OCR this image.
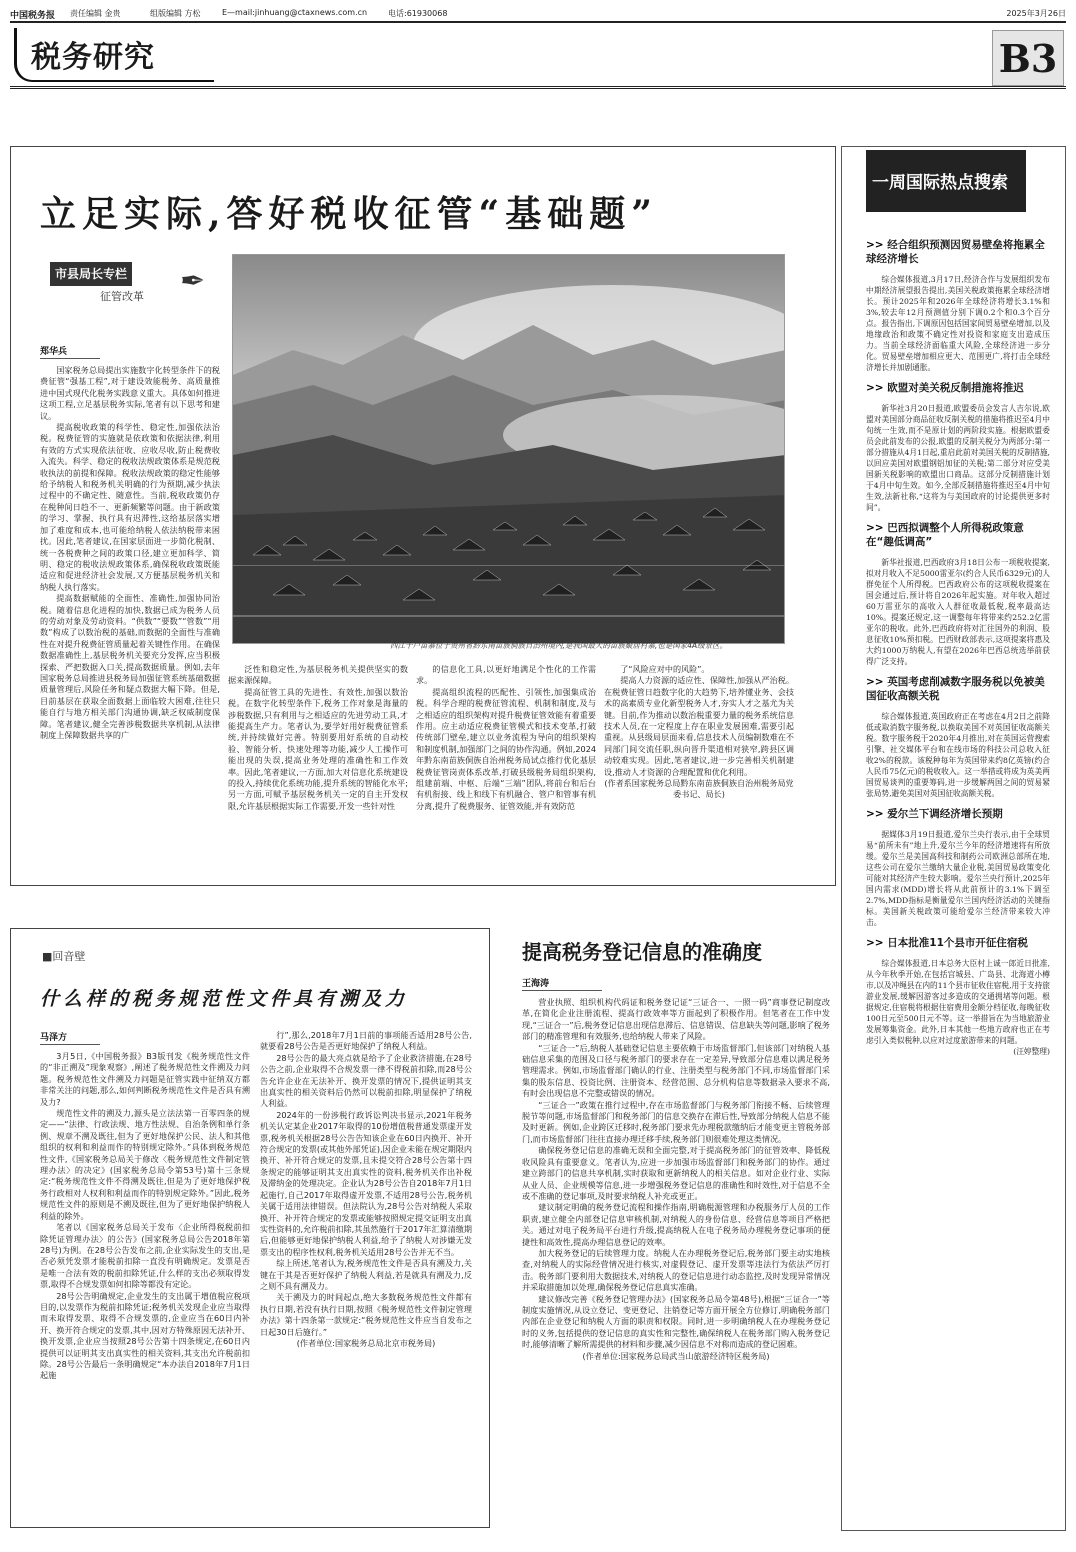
中国税务报 责任编辑 金贵	组版编辑 方松	E—mail:jinhuang@ctaxnews.com.cn	电话:61930068	2025年3月26日
税务研究	B3
立足实际,答好税收征管“基础题”
市县局长专栏
征管改革 ✒
西江千户苗寨位于贵州省黔东南苗族侗族自治州境内,是我国最大的苗族聚居村寨,也是国家4A级景区。
郑华兵

国家税务总局提出实施数字化转型条件下的税费征管“强基工程”,对于建设效能税务、高质量推进中国式现代化税务实践意义重大。具体如何推进这项工程,立足基层税务实际,笔者有以下思考和建议。

提高税收政策的科学性、稳定性,加强依法治税。税费征管的实施就是依政策和依据法律,利用有效的方式实现依法征收、应收尽收,防止税费收入流失。科学、稳定的税收法规政策体系是规范税收执法的前提和保障。税收法规政策的稳定性能够给予纳税人和税务机关明确的行为预期,减少执法过程中的不确定性、随意性。当前,税收政策仍存在税种间日趋不一、更新频繁等问题。由于新政策的学习、掌握、执行具有迟滞性,这给基层落实增加了难度和成本,也可能给纳税人依法纳税带来困扰。因此,笔者建议,在国家层面进一步简化税制、统一各税费种之间的政策口径,建立更加科学、简明、稳定的税收法规政策体系,确保税收政策既能适应和促进经济社会发展,又方便基层税务机关和纳税人执行落实。

提高数据赋能的全面性、准确性,加强协同治税。随着信息化进程的加快,数据已成为税务人员的劳动对象及劳动资料。“供数”“要数”“管数”“用数”构成了以数治税的基础,而数据的全面性与准确性在对提升税费征管质量起着关键性作用。在确保数据准确性上,基层税务机关要充分发挥,应当积极探索、严把数据入口关,提高数据质量。例如,去年国家税务总局推进县税务局加强征管系统基础数据质量管理后,风险任务和疑点数据大幅下降。但是,目前基层在获取全面数据上面临较大困难,往往只能自行与地方相关部门沟通协调,缺乏权威制度保障。笔者建议,健全完善涉税数据共享机制,从法律制度上保障数据共享的广

泛性和稳定性,为基层税务机关提供坚实的数据来源保障。

提高征管工具的先进性、有效性,加强以数治税。在数字化转型条件下,税务工作对象是海量的涉税数据,只有利用与之相适应的先进劳动工具,才能提高生产力。笔者认为,要学好用好税费征管系统,并持续做好完善。特别要用好系统的自动校验、智能分析、快速处理等功能,减少人工操作可能出现的失误,提高业务处理的准确性和工作效率。因此,笔者建议,一方面,加大对信息化系统建设的投入,持续优化系统功能,提升系统的智能化水平;另一方面,可赋予基层税务机关一定的自主开发权限,允许基层根据实际工作需要,开发一些针对性

的信息化工具,以更好地满足个性化的工作需求。

提高组织流程的匹配性、引领性,加强集成治税。科学合理的税费征管流程、机制和制度,及与之相适应的组织架构对提升税费征管效能有着重要作用。应主动适应税费征管模式和技术变革,打破传统部门壁垒,建立以业务流程为导向的组织架构和制度机制,加强部门之间的协作沟通。例如,2024年黔东南苗族侗族自治州税务局试点推行优化基层税费征管岗责体系改革,打破县级税务局组织架构,组建前端、中枢、后端“三端”团队,将前台和后台有机衔接、线上和线下有机融合、管户和管事有机分离,提升了税费服务、征管效能,并有效防范

了“风险应对中的风险”。

提高人力资源的适应性、保障性,加强从严治税。在税费征管日趋数字化的大趋势下,培养懂业务、会技术的高素质专业化新型税务人才,夯实人才之基尤为关键。目前,作为推动以数治税重要力量的税务系统信息技术人员,在一定程度上存在职业发展困难,需要引起重视。从县级局层面来看,信息技术人员编制数难在不同部门间交流任职,纵向晋升渠道相对狭窄,跨县区调动较难实现。因此,笔者建议,进一步完善相关机制建设,推动人才资源的合理配置和优化利用。

(作者系国家税务总局黔东南苗族侗族自治州税务局党委书记、局长)

一周国际热点搜索
>> 经合组织预测因贸易壁垒将拖累全球经济增长

综合媒体报道,3月17日,经济合作与发展组织发布中期经济展望报告提出,美国关税政策拖累全球经济增长。预计2025年和2026年全球经济将增长3.1%和3%,较去年12月预测值分别下调0.2个和0.3个百分点。报告指出,下调原因包括国家间贸易壁垒增加,以及地缘政治和政策不确定性对投资和家庭支出造成压力。当前全球经济面临重大风险,全球经济进一步分化。贸易壁垒增加相应更大、范围更广,将打击全球经济增长并加剧通胀。

>> 欧盟对美关税反制措施将推迟

新华社3月20日报道,欧盟委员会发言人吉尔说,欧盟对美国部分商品征收反制关税的措施将推迟至4月中旬统一生效,而不是原计划的两阶段实施。根据欧盟委员会此前发布的公报,欧盟的反制关税分为两部分:第一部分措施从4月1日起,重启此前对美国关税的反制措施,以回应美国对欧盟钢铝加征的关税;第二部分对应受美国新关税影响的欧盟出口商品。这部分反制措施计划于4月中旬生效。如今,全部反制措施将推迟至4月中旬生效,法新社称,“这将为与美国政府的讨论提供更多时间”。

>> 巴西拟调整个人所得税政策意在“趣低调高”

新华社报道,巴西政府3月18日公布一项税收提案,拟对月收入不足5000雷亚尔(约合人民币6329元)的人群免征个人所得税。巴西政府公布的这项税收提案在国会通过后,预计将自2026年起实施。对年收入超过60万雷亚尔的高收入人群征收最低税,税率最高达10%。提案还规定,这一调整每年将带来约252.2亿雷亚尔的税收。此外,巴西政府将对汇往国外的利润、股息征收10%预扣税。巴西财政部表示,这项提案将惠及大约1000万纳税人,有望在2026年巴西总统选举前获得广泛支持。

>> 英国考虑削减数字服务税以免被美国征收高额关税

综合媒体报道,英国政府正在考虑在4月2日之前降低或取消数字服务税,以换取美国不对英国征收高额关税。数字服务税于2020年4月推出,对在英国运营搜索引擎、社交媒体平台和在线市场的科技公司总收入征收2%的税款。该税种每年为英国带来约8亿英镑(约合人民币75亿元)的税收收入。这一举措或将成为英美两国贸易谈判的重要筹码,进一步缓解两国之间的贸易紧张局势,避免美国对英国征收高额关税。

>> 爱尔兰下调经济增长预期

据媒体3月19日报道,爱尔兰央行表示,由于全球贸易“前所未有”地上升,爱尔兰今年的经济增速将有所放缓。爱尔兰是美国高科技和制药公司欧洲总部所在地,这些公司在爱尔兰缴纳大量企业税,美国贸易政策变化可能对其经济产生较大影响。爱尔兰央行预计,2025年国内需求(MDD)增长将从此前预计的3.1%下调至2.7%,MDD指标是衡量爱尔兰国内经济活动的关键指标。美国新关税政策可能给爱尔兰经济带来较大冲击。

>> 日本批准11个县市开征住宿税

综合媒体报道,日本总务大臣村上诚一郎近日批准,从今年秋季开始,在包括宫城县、广岛县、北海道小樽市,以及冲绳县在内的11个县市征收住宿税,用于支持旅游业发展,缓解因游客过多造成的交通拥堵等问题。根据规定,住宿税将根据住宿费用金额分档征收,每晚征收100日元至500日元不等。这一举措旨在为当地旅游业发展筹集资金。此外,日本其他一些地方政府也正在考虑引入类似税种,以应对过度旅游带来的问题。

(汪婷整理)

■回音壁
什么样的税务规范性文件具有溯及力
马泽方

3月5日,《中国税务报》B3版刊发《税务规范性文件的“非正溯及”现象观察》,阐述了税务规范性文件溯及力问题。税务规范性文件溯及力问题是征管实践中征纳双方都非常关注的问题,那么,如何判断税务规范性文件是否具有溯及力?

规范性文件的溯及力,源头是立法法第一百零四条的规定——“法律、行政法规、地方性法规、自治条例和单行条例、规章不溯及既往,但为了更好地保护公民、法人和其他组织的权利和利益而作的特别规定除外。”具体到税务规范性文件,《国家税务总局关于修改〈税务规范性文件制定管理办法〉的决定》(国家税务总局令第53号)第十三条规定:“税务规范性文件不得溯及既往,但是为了更好地保护税务行政相对人权利和利益而作的特别规定除外。”因此,税务规范性文件的原则是不溯及既往,但为了更好地保护纳税人利益的除外。

笔者以《国家税务总局关于发布〈企业所得税税前扣除凭证管理办法〉的公告》(国家税务总局公告2018年第28号)为例。在28号公告发布之前,企业实际发生的支出,是否必须凭发票才能税前扣除一直没有明确规定。发票是否是唯一合法有效的税前扣除凭证,什么样的支出必须取得发票,取得不合规发票如何扣除等都没有定论。

28号公告明确规定,企业发生的支出属于增值税应税项目的,以发票作为税前扣除凭证;税务机关发现企业应当取得而未取得发票、取得不合规发票的,企业应当在60日内补开、换开符合规定的发票,其中,因对方特殊原因无法补开、换开发票,企业应当按照28号公告第十四条规定,在60日内提供可以证明其支出真实性的相关资料,其支出允许税前扣除。28号公告最后一条明确规定“本办法自2018年7月1日起施

行”,那么,2018年7月1日前的事项能否适用28号公告,就要看28号公告是否更好地保护了纳税人利益。

28号公告的最大亮点就是给予了企业救济措施,在28号公告之前,企业取得不合规发票一律不得税前扣除,而28号公告允许企业在无法补开、换开发票的情况下,提供证明其支出真实性的相关资料后仍然可以税前扣除,明显保护了纳税人利益。

2024年的一份涉税行政诉讼判决书显示,2021年税务机关认定某企业2017年取得的10份增值税普通发票虚开发票,税务机关根据28号公告告知该企业在60日内换开、补开符合规定的发票(或其他外部凭证),因企业未能在规定期限内换开、补开符合规定的发票,且未提交符合28号公告第十四条规定的能够证明其支出真实性的资料,税务机关作出补税及滞纳金的处理决定。企业认为28号公告自2018年7月1日起施行,自己2017年取得虚开发票,不适用28号公告,税务机关属于适用法律错误。但法院认为,28号公告对纳税人采取换开、补开符合规定的发票或能够按照规定提交证明支出真实性资料的,允许税前扣除,其虽然施行于2017年汇算清缴期后,但能够更好地保护纳税人利益,给予了纳税人对涉嫌无发票支出的程序性权利,税务机关适用28号公告并无不当。

综上所述,笔者认为,税务规范性文件是否具有溯及力,关键在于其是否更好保护了纳税人利益,若是就具有溯及力,反之则不具有溯及力。

关于溯及力的时间起点,绝大多数税务规范性文件都有执行日期,若没有执行日期,按照《税务规范性文件制定管理办法》第十四条第一款规定:“税务规范性文件应当自发布之日起30日后施行。”

(作者单位:国家税务总局北京市税务局)

提高税务登记信息的准确度
王海涛

营业执照、组织机构代码证和税务登记证“三证合一、一照一码”商事登记制度改革,在简化企业注册流程、提高行政效率等方面起到了积极作用。但笔者在工作中发现,“三证合一”后,税务登记信息出现信息滞后、信息错误、信息缺失等问题,影响了税务部门的精准管理和有效服务,也给纳税人带来了风险。

“三证合一”后,纳税人基础登记信息主要依赖于市场监督部门,但该部门对纳税人基础信息采集的范围及口径与税务部门的要求存在一定差异,导致部分信息难以满足税务管理需求。例如,市场监督部门确认的行业、注册类型与税务部门不同,市场监督部门采集的股东信息、投资比例、注册资本、经营范围、总分机构信息等数据录入要求不高,有时会出现信息不完整或错误的情况。

“三证合一”政策在推行过程中,存在市场监督部门与税务部门衔接不畅、后续管理脱节等问题,市场监督部门和税务部门的信息交换存在滞后性,导致部分纳税人信息不能及时更新。例如,企业跨区迁移时,税务部门要求先办理税款缴纳后才能变更主管税务部门,而市场监督部门往往直接办理迁移手续,税务部门则很难处理这类情况。

确保税务登记信息的准确无误和全面完整,对于提高税务部门的征管效率、降低税收风险具有重要意义。笔者认为,应进一步加强市场监督部门和税务部门的协作。通过建立跨部门的信息共享机制,实时获取和更新纳税人的相关信息。如对企业行业、实际从业人员、企业规模等信息,进一步增强税务登记信息的准确性和时效性,对于信息不全或不准确的登记事项,及时要求纳税人补充或更正。

建议制定明确的税务登记流程和操作指南,明确税源管理和办税服务厅人员的工作职责,建立健全内部登记信息审核机制,对纳税人的身份信息、经营信息等项目严格把关。通过对电子税务局平台进行升级,提高纳税人在电子税务局办理税务登记事项的便捷性和高效性,提高办理信息登记的效率。

加大税务登记的后续管理力度。纳税人在办理税务登记后,税务部门要主动实地核查,对纳税人的实际经营情况进行核实,对虚假登记、虚开发票等违法行为依法严厉打击。税务部门要利用大数据技术,对纳税人的登记信息进行动态监控,及时发现异常情况并采取措施加以处理,确保税务登记信息真实准确。

建议修改完善《税务登记管理办法》(国家税务总局令第48号),根据“三证合一”等制度实施情况,从设立登记、变更登记、注销登记等方面开展全方位修订,明确税务部门内部在企业登记和纳税人方面的职责和权限。同时,进一步明确纳税人在办理税务登记时的义务,包括提供的登记信息的真实性和完整性,确保纳税人在税务部门购入税务登记时,能够清晰了解所需提供的材料和步骤,减少因信息不对称而造成的登记困难。

(作者单位:国家税务总局武当山旅游经济特区税务局)
